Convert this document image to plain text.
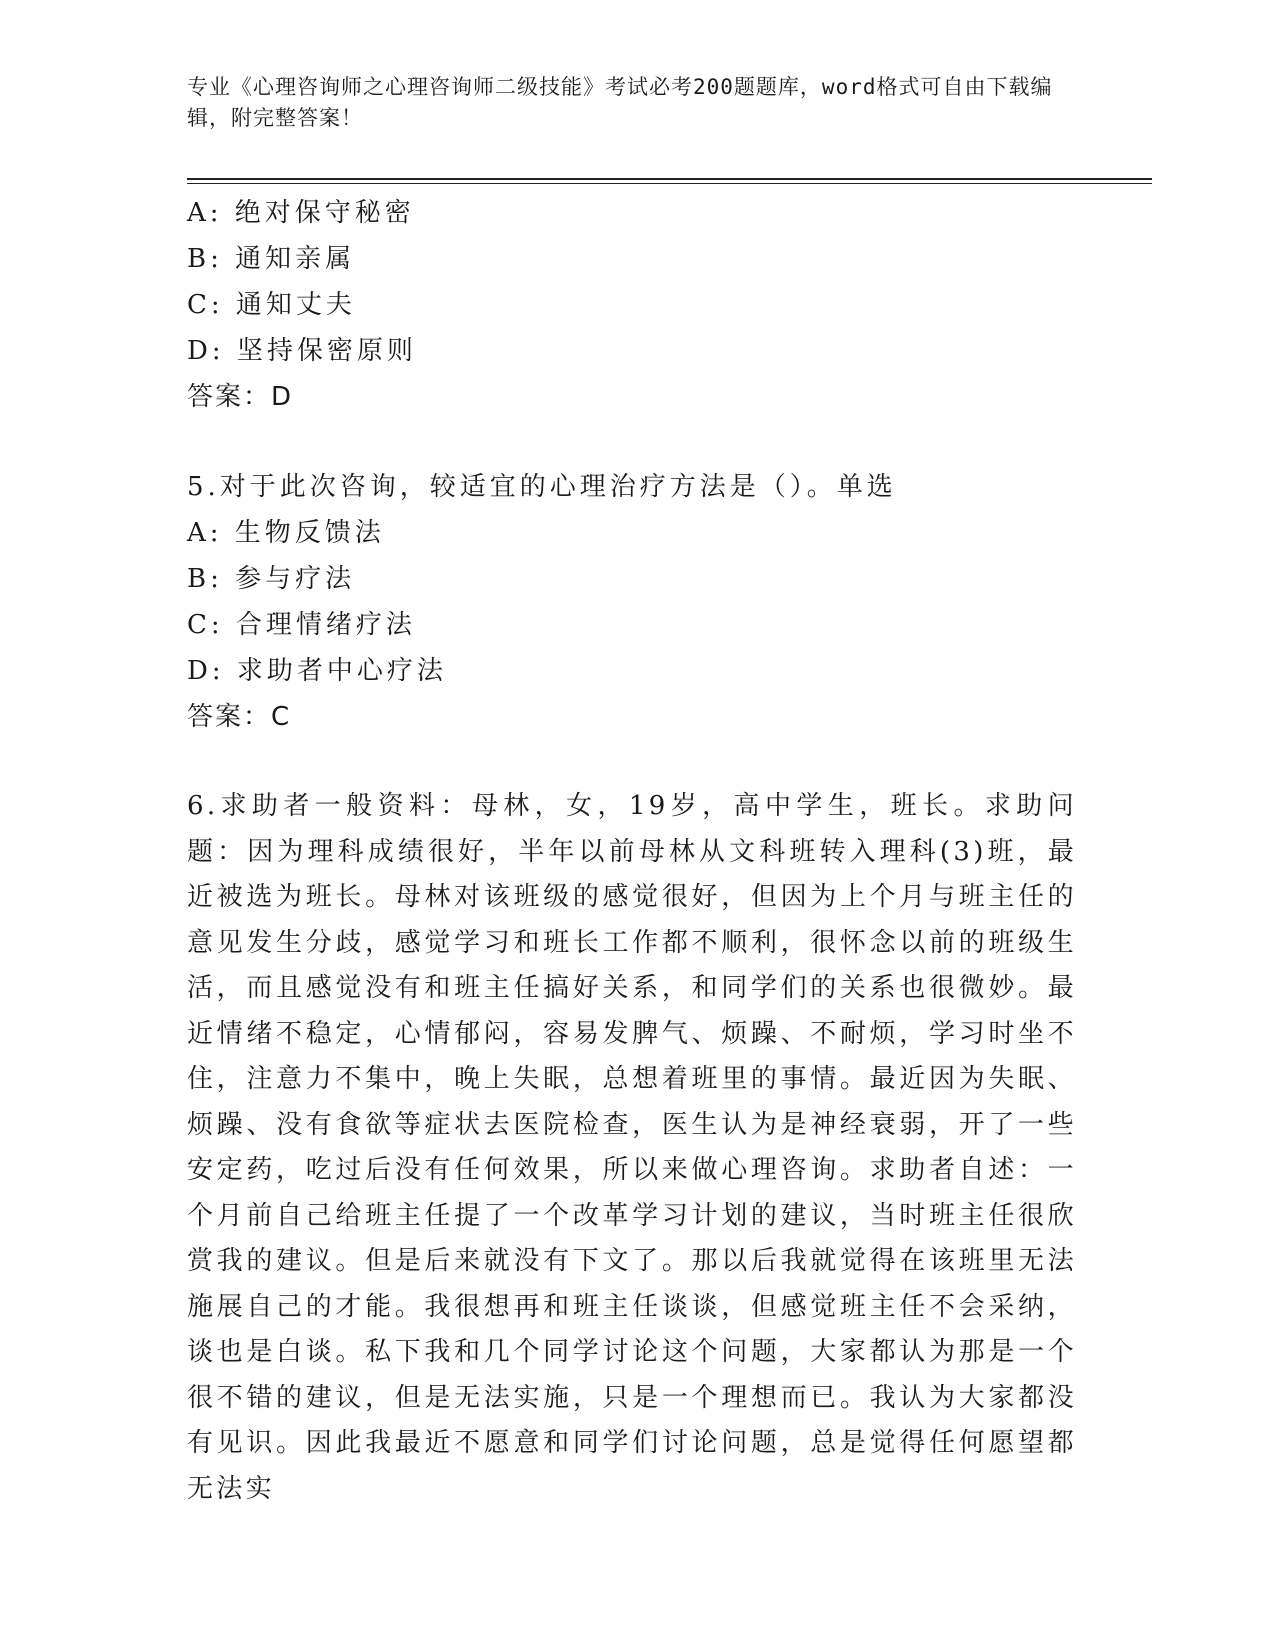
专业《心理咨询师之心理咨询师二级技能》考试必考200题题库，word格式可自由下载编辑，附完整答案！
A: 绝对保守秘密
B: 通知亲属
C: 通知丈夫
D: 坚持保密原则
答案：D
5.对于此次咨询，较适宜的心理治疗方法是（）。单选
A: 生物反馈法
B: 参与疗法
C: 合理情绪疗法
D: 求助者中心疗法
答案：C
6.求助者一般资料：母林，女，19岁，高中学生，班长。求助问题：因为理科成绩很好，半年以前母林从文科班转入理科(3)班，最近被选为班长。母林对该班级的感觉很好，但因为上个月与班主任的意见发生分歧，感觉学习和班长工作都不顺利，很怀念以前的班级生活，而且感觉没有和班主任搞好关系，和同学们的关系也很微妙。最近情绪不稳定，心情郁闷，容易发脾气、烦躁、不耐烦，学习时坐不住，注意力不集中，晚上失眠，总想着班里的事情。最近因为失眠、烦躁、没有食欲等症状去医院检查，医生认为是神经衰弱，开了一些安定药，吃过后没有任何效果，所以来做心理咨询。求助者自述：一个月前自己给班主任提了一个改革学习计划的建议，当时班主任很欣赏我的建议。但是后来就没有下文了。那以后我就觉得在该班里无法施展自己的才能。我很想再和班主任谈谈，但感觉班主任不会采纳，谈也是白谈。私下我和几个同学讨论这个问题，大家都认为那是一个很不错的建议，但是无法实施，只是一个理想而已。我认为大家都没有见识。因此我最近不愿意和同学们讨论问题，总是觉得任何愿望都无法实
